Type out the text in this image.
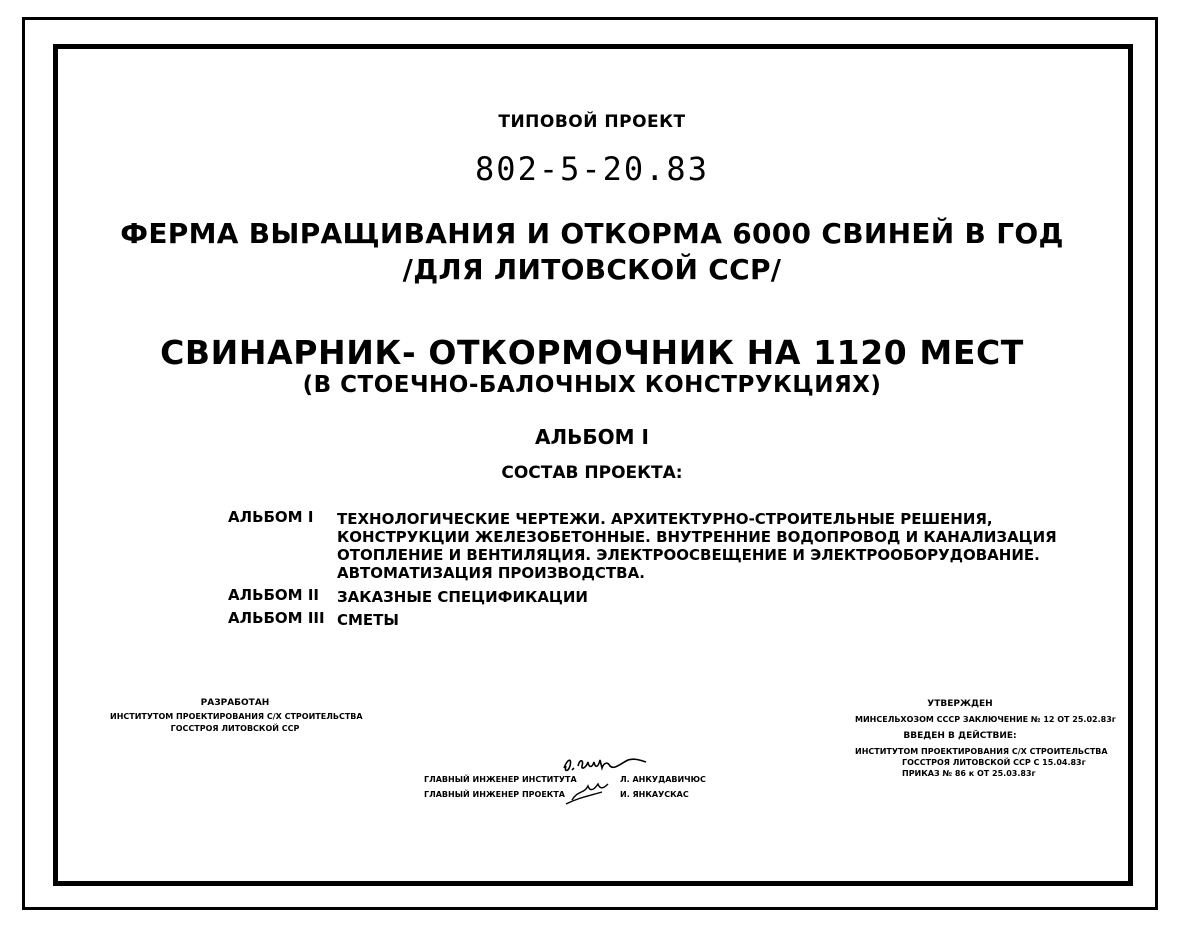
ТИПОВОЙ ПРОЕКТ
802-5-20.83
ФЕРМА ВЫРАЩИВАНИЯ И ОТКОРМА 6000 СВИНЕЙ В ГОД
/ДЛЯ ЛИТОВСКОЙ ССР/
СВИНАРНИК- ОТКОРМОЧНИК НА 1120 МЕСТ
(В СТОЕЧНО-БАЛОЧНЫХ КОНСТРУКЦИЯХ)
АЛЬБОМ I
СОСТАВ ПРОЕКТА:
АЛЬБОМ I ТЕХНОЛОГИЧЕСКИЕ ЧЕРТЕЖИ. АРХИТЕКТУРНО-СТРОИТЕЛЬНЫЕ РЕШЕНИЯ,
КОНСТРУКЦИИ ЖЕЛЕЗОБЕТОННЫЕ. ВНУТРЕННИЕ ВОДОПРОВОД И КАНАЛИЗАЦИЯ
ОТОПЛЕНИЕ И ВЕНТИЛЯЦИЯ. ЭЛЕКТРООСВЕЩЕНИЕ И ЭЛЕКТРООБОРУДОВАНИЕ.
АВТОМАТИЗАЦИЯ ПРОИЗВОДСТВА.
АЛЬБОМ II ЗАКАЗНЫЕ СПЕЦИФИКАЦИИ
АЛЬБОМ III СМЕТЫ
РАЗРАБОТАН
ИНСТИТУТОМ ПРОЕКТИРОВАНИЯ С/Х СТРОИТЕЛЬСТВА
ГОССТРОЯ ЛИТОВСКОЙ ССР
УТВЕРЖДЕН
МИНСЕЛЬХОЗОМ СССР ЗАКЛЮЧЕНИЕ № 12 ОТ 25.02.83г
ВВЕДЕН В ДЕЙСТВИЕ:
ИНСТИТУТОМ ПРОЕКТИРОВАНИЯ С/Х СТРОИТЕЛЬСТВА
ГОССТРОЯ ЛИТОВСКОЙ ССР С 15.04.83г
ПРИКАЗ № 86 к ОТ 25.03.83г
ГЛАВНЫЙ ИНЖЕНЕР ИНСТИТУТА	Л. АНКУДАВИЧЮС
ГЛАВНЫЙ ИНЖЕНЕР ПРОЕКТА	И. ЯНКАУСКАС
